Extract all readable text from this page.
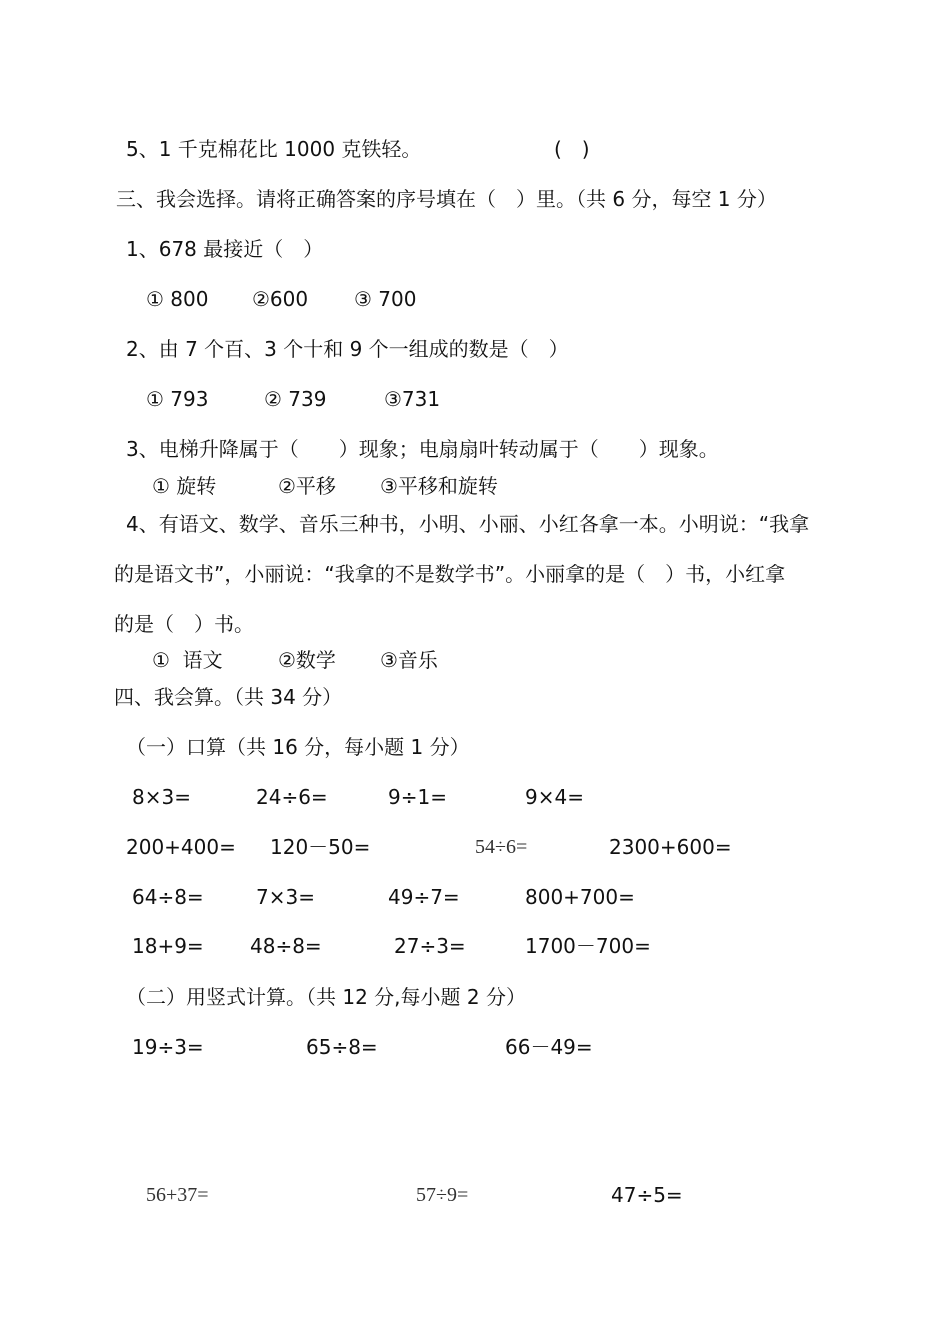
5、1 千克棉花比 1000 克铁轻。	(　)
三、我会选择。请将正确答案的序号填在（　）里。（共 6 分，每空 1 分）
1、678 最接近（　）
① 800 ②600 ③ 700
2、由 7 个百、3 个十和 9 个一组成的数是（　）
① 793	② 739	③731
3、电梯升降属于（　　）现象；电扇扇叶转动属于（　　）现象。
① 旋转	②平移 ③平移和旋转
4、有语文、数学、音乐三种书，小明、小丽、小红各拿一本。小明说：“我拿
的是语文书”，小丽说：“我拿的不是数学书”。小丽拿的是（　）书，小红拿
的是（　）书。
①  语文	②数学 ③音乐
四、我会算。（共 34 分）
（一）口算（共 16 分，每小题 1 分）
8×3=	24÷6=	9÷1=	9×4=
200+400= 120－50=	54÷6=	2300+600=
64÷8=	7×3=	49÷7=	800+700=
18+9= 48÷8=	27÷3=	1700－700=
（二）用竖式计算。（共 12 分,每小题 2 分）
19÷3=	65÷8=	66－49=
56+37=	57÷9=	47÷5=
